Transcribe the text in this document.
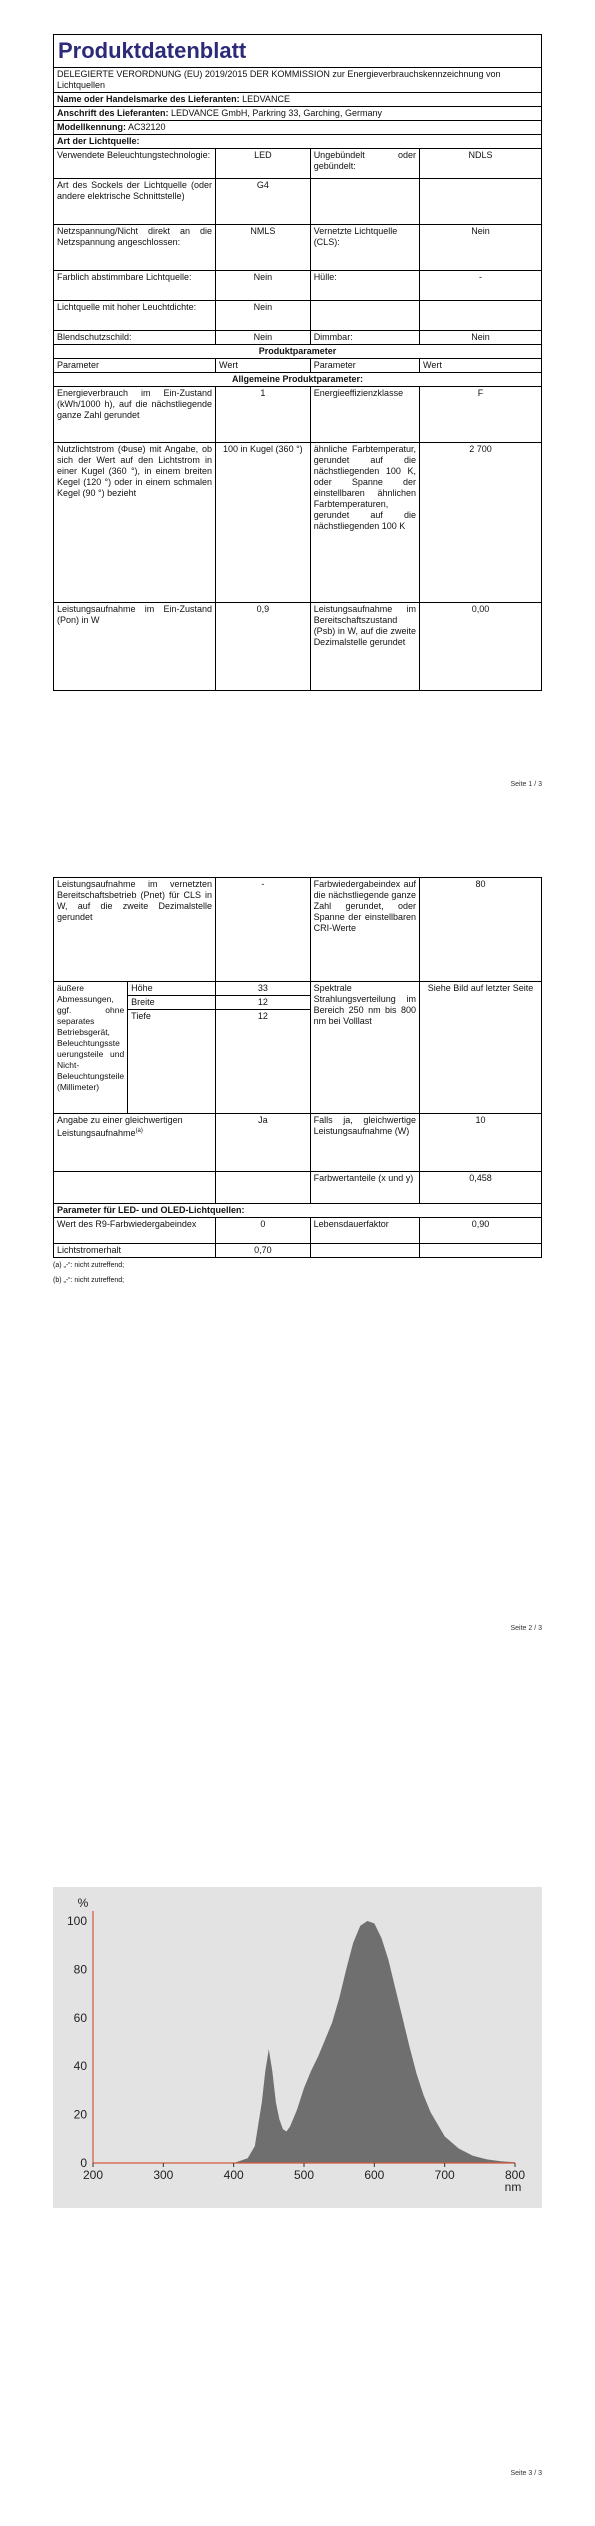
Produktdatenblatt			
DELEGIERTE VERORDNUNG (EU) 2019/2015 DER KOMMISSION zur Energieverbrauchskennzeichnung von Lichtquellen			
Name oder Handelsmarke des Lieferanten: LEDVANCE			
Anschrift des Lieferanten: LEDVANCE GmbH, Parkring 33, Garching, Germany			
Modellkennung: AC32120			
Art der Lichtquelle:			
Verwendete Beleuchtungstechnologie:	LED	Ungebündelt oder gebündelt:	NDLS
Art des Sockels der Lichtquelle (oder andere elektrische Schnittstelle)	G4		
Netzspannung/Nicht direkt an die Netzspannung angeschlossen:	NMLS	Vernetzte Lichtquelle (CLS):	Nein
Farblich abstimmbare Lichtquelle:	Nein	Hülle:	-
Lichtquelle mit hoher Leuchtdichte:	Nein		
Blendschutzschild:	Nein	Dimmbar:	Nein
Produktparameter			
Parameter	Wert	Parameter	Wert
Allgemeine Produktparameter:			
Energieverbrauch im Ein-Zustand (kWh/1000 h), auf die nächstliegende ganze Zahl gerundet	1	Energieeffizienzklasse	F
Nutzlichtstrom (Φuse) mit Angabe, ob sich der Wert auf den Lichtstrom in einer Kugel (360 °), in einem breiten Kegel (120 °) oder in einem schmalen Kegel (90 °) bezieht	100 in Kugel (360 °)	ähnliche Farbtemperatur, gerundet auf die nächstliegenden 100 K, oder Spanne der einstellbaren ähnlichen Farbtemperaturen, gerundet auf die nächstliegenden 100 K	2 700
Leistungsaufnahme im Ein-Zustand (Pon) in W	0,9	Leistungsaufnahme im Bereitschaftszustand (Psb) in W, auf die zweite Dezimalstelle gerundet	0,00
Seite 1 / 3
Leistungsaufnahme im vernetzten Bereitschaftsbetrieb (Pnet) für CLS in W, auf die zweite Dezimalstelle gerundet		-	Farbwiedergabeindex auf die nächstliegende ganze Zahl gerundet, oder Spanne der einstellbaren CRI-Werte	80
äußere Abmessungen, ggf. ohne separates Betriebsgerät, Beleuchtungssteuerungsteile und Nicht-Beleuchtungsteile (Millimeter)	Höhe	33	Spektrale Strahlungsverteilung im Bereich 250 nm bis 800 nm bei Volllast	Siehe Bild auf letzter Seite
	Breite	12		
	Tiefe	12		
Angabe zu einer gleichwertigen Leistungsaufnahme$^{(a)}$		Ja	Falls ja, gleichwertige Leistungsaufnahme (W)	10
			Farbwertanteile (x und y)	0,458
Parameter für LED- und OLED-Lichtquellen:				
Wert des R9-Farbwiedergabeindex		0	Lebensdauerfaktor	0,90
Lichtstromerhalt		0,70		
(a) „-“: nicht zutreffend;
(b) „-“: nicht zutreffend;
Seite 2 / 3
200	300	400	500	600	700	800
0
20
40
60
80
100
%
nm
Seite 3 / 3
